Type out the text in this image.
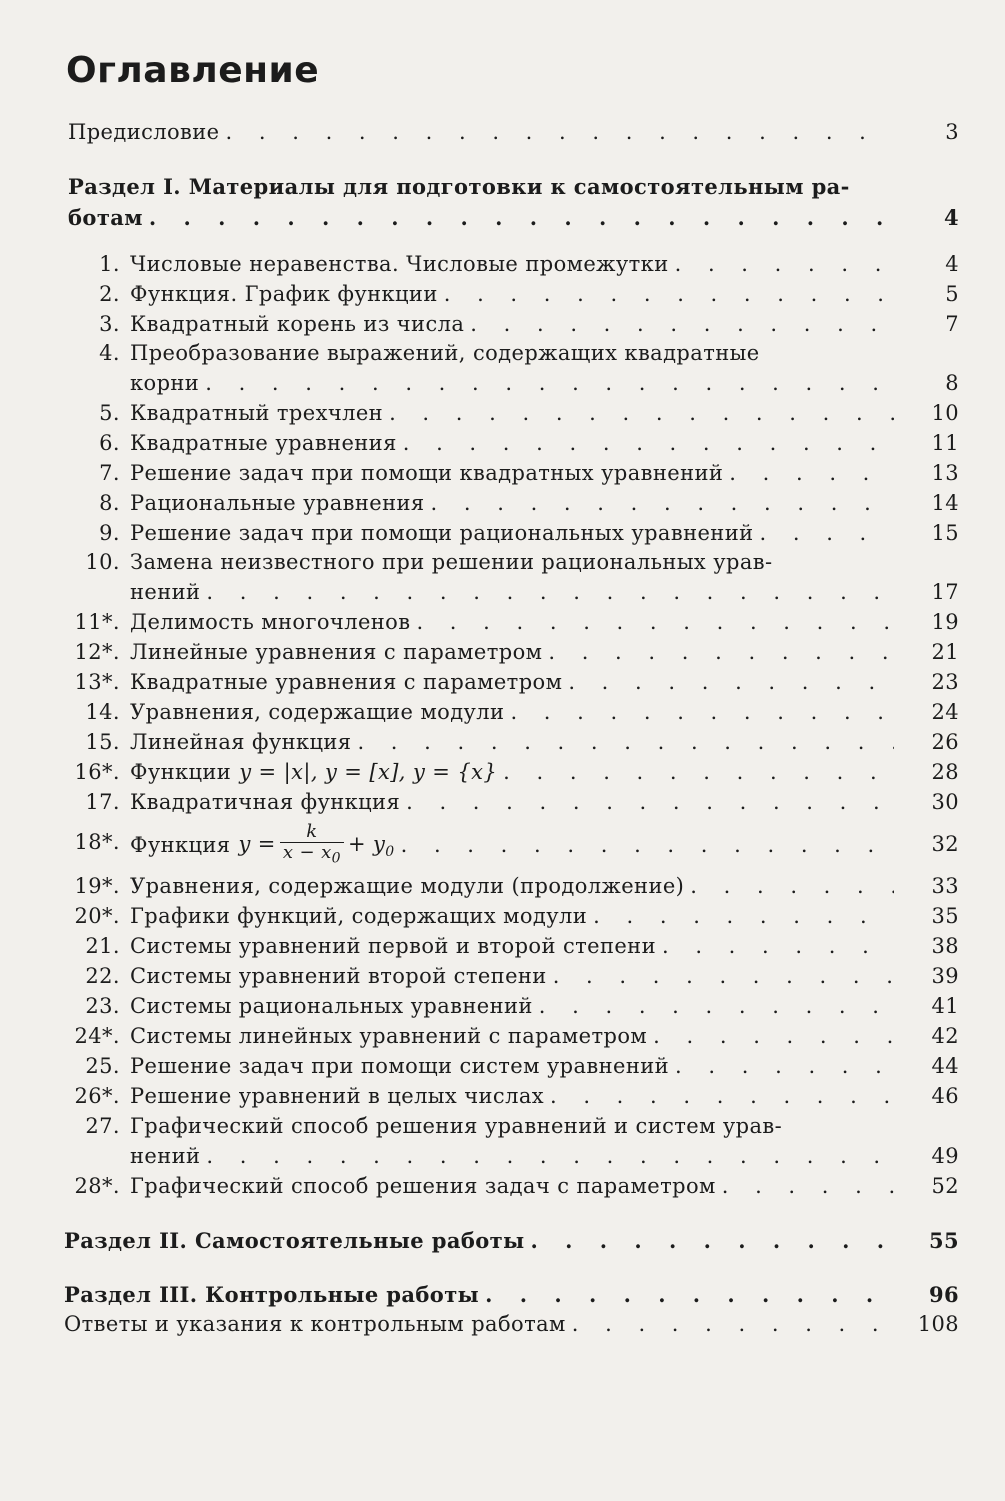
Оглавление
Предисловие . . .	3
Раздел I. Материалы для подготовки к самостоятельным ра-
ботам . . .	4
1. Числовые неравенства. Числовые промежутки . . .	4
2. Функция. График функции . . .	5
3. Квадратный корень из числа . . .	7
4. Преобразование выражений, содержащих квадратные
корни . . .	8
5. Квадратный трехчлен . . .	10
6. Квадратные уравнения . . .	11
7. Решение задач при помощи квадратных уравнений . . .	13
8. Рациональные уравнения . . .	14
9. Решение задач при помощи рациональных уравнений . . .	15
10. Замена неизвестного при решении рациональных урав-
нений . . .	17
11*. Делимость многочленов . . .	19
12*. Линейные уравнения с параметром . . .	21
13*. Квадратные уравнения с параметром . . .	23
14. Уравнения, содержащие модули . . .	24
15. Линейная функция . . .	26
16*. Функции y = |x|, y = [x], y = {x} . . .	28
17. Квадратичная функция . . .	30
18*. Функция $y = \frac{k}{x - x_0} + y_0$ . . .	32
19*. Уравнения, содержащие модули (продолжение) . . .	33
20*. Графики функций, содержащих модули . . .	35
21. Системы уравнений первой и второй степени . . .	38
22. Системы уравнений второй степени . . .	39
23. Системы рациональных уравнений . . .	41
24*. Системы линейных уравнений с параметром . . .	42
25. Решение задач при помощи систем уравнений . . .	44
26*. Решение уравнений в целых числах . . .	46
27. Графический способ решения уравнений и систем урав-
нений . . .	49
28*. Графический способ решения задач с параметром . . .	52
Раздел II. Самостоятельные работы . . .	55
Раздел III. Контрольные работы . . .	96
Ответы и указания к контрольным работам . . .	108
